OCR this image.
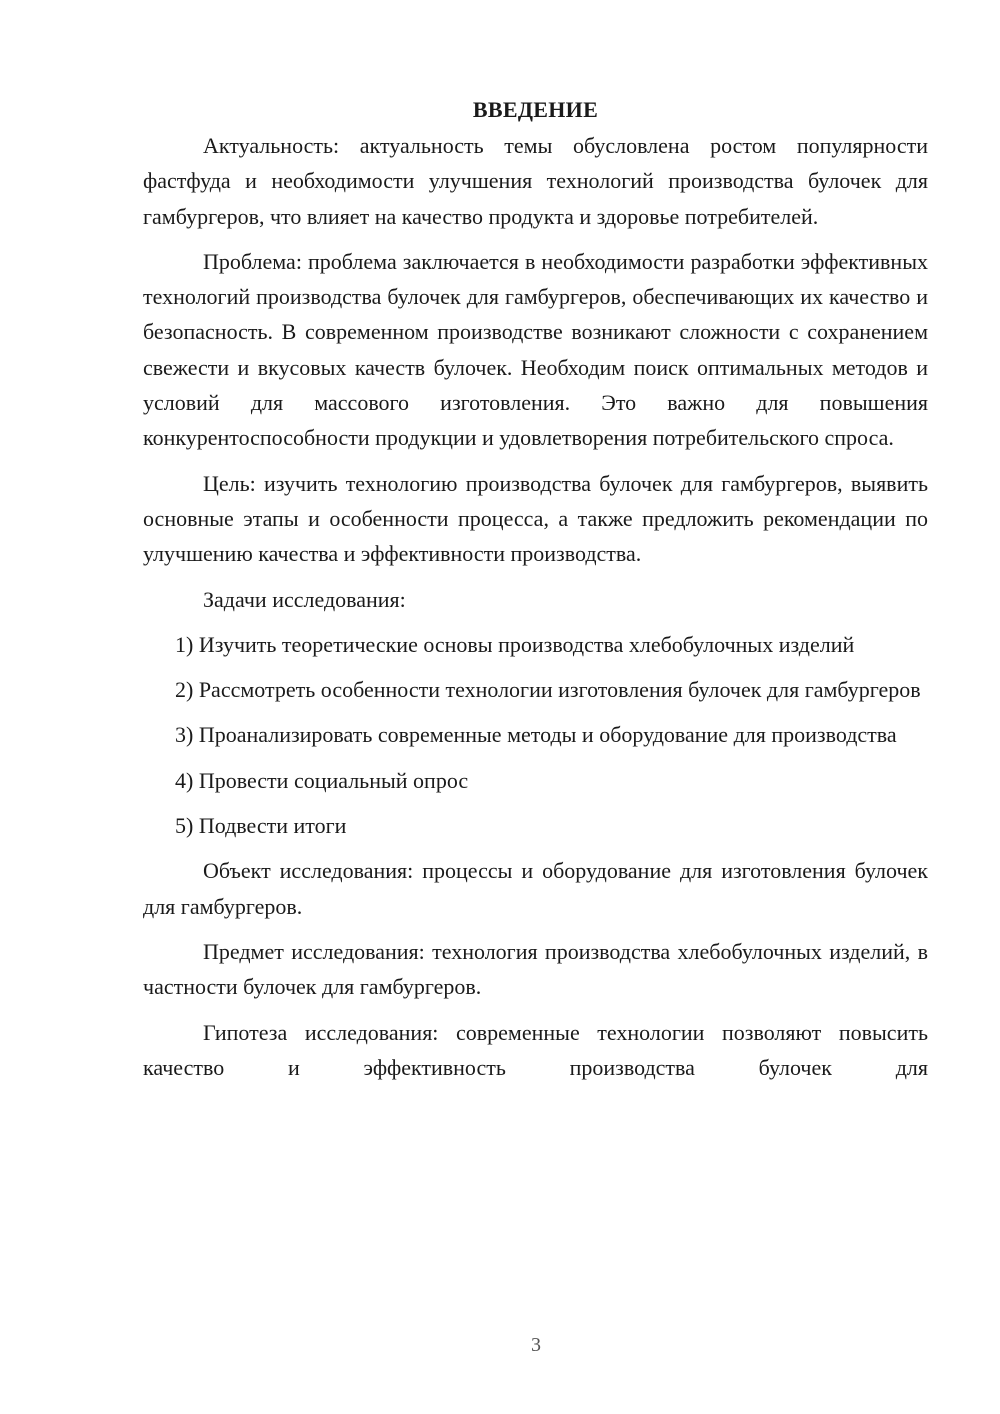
ВВЕДЕНИЕ

Актуальность: актуальность темы обусловлена ростом популярности фастфуда и необходимости улучшения технологий производства булочек для гамбургеров, что влияет на качество продукта и здоровье потребителей.

Проблема: проблема заключается в необходимости разработки эффективных технологий производства булочек для гамбургеров, обеспечивающих их качество и безопасность. В современном производстве возникают сложности с сохранением свежести и вкусовых качеств булочек. Необходим поиск оптимальных методов и условий для массового изготовления. Это важно для повышения конкурентоспособности продукции и удовлетворения потребительского спроса.

Цель: изучить технологию производства булочек для гамбургеров, выявить основные этапы и особенности процесса, а также предложить рекомендации по улучшению качества и эффективности производства.

Задачи исследования:

1) Изучить теоретические основы производства хлебобулочных изделий

2) Рассмотреть особенности технологии изготовления булочек для гамбургеров

3) Проанализировать современные методы и оборудование для производства

4) Провести социальный опрос

5) Подвести итоги

Объект исследования: процессы и оборудование для изготовления булочек для гамбургеров.

Предмет исследования: технология производства хлебобулочных изделий, в частности булочек для гамбургеров.

Гипотеза исследования: современные технологии позволяют повысить качество и эффективность производства булочек для

3
